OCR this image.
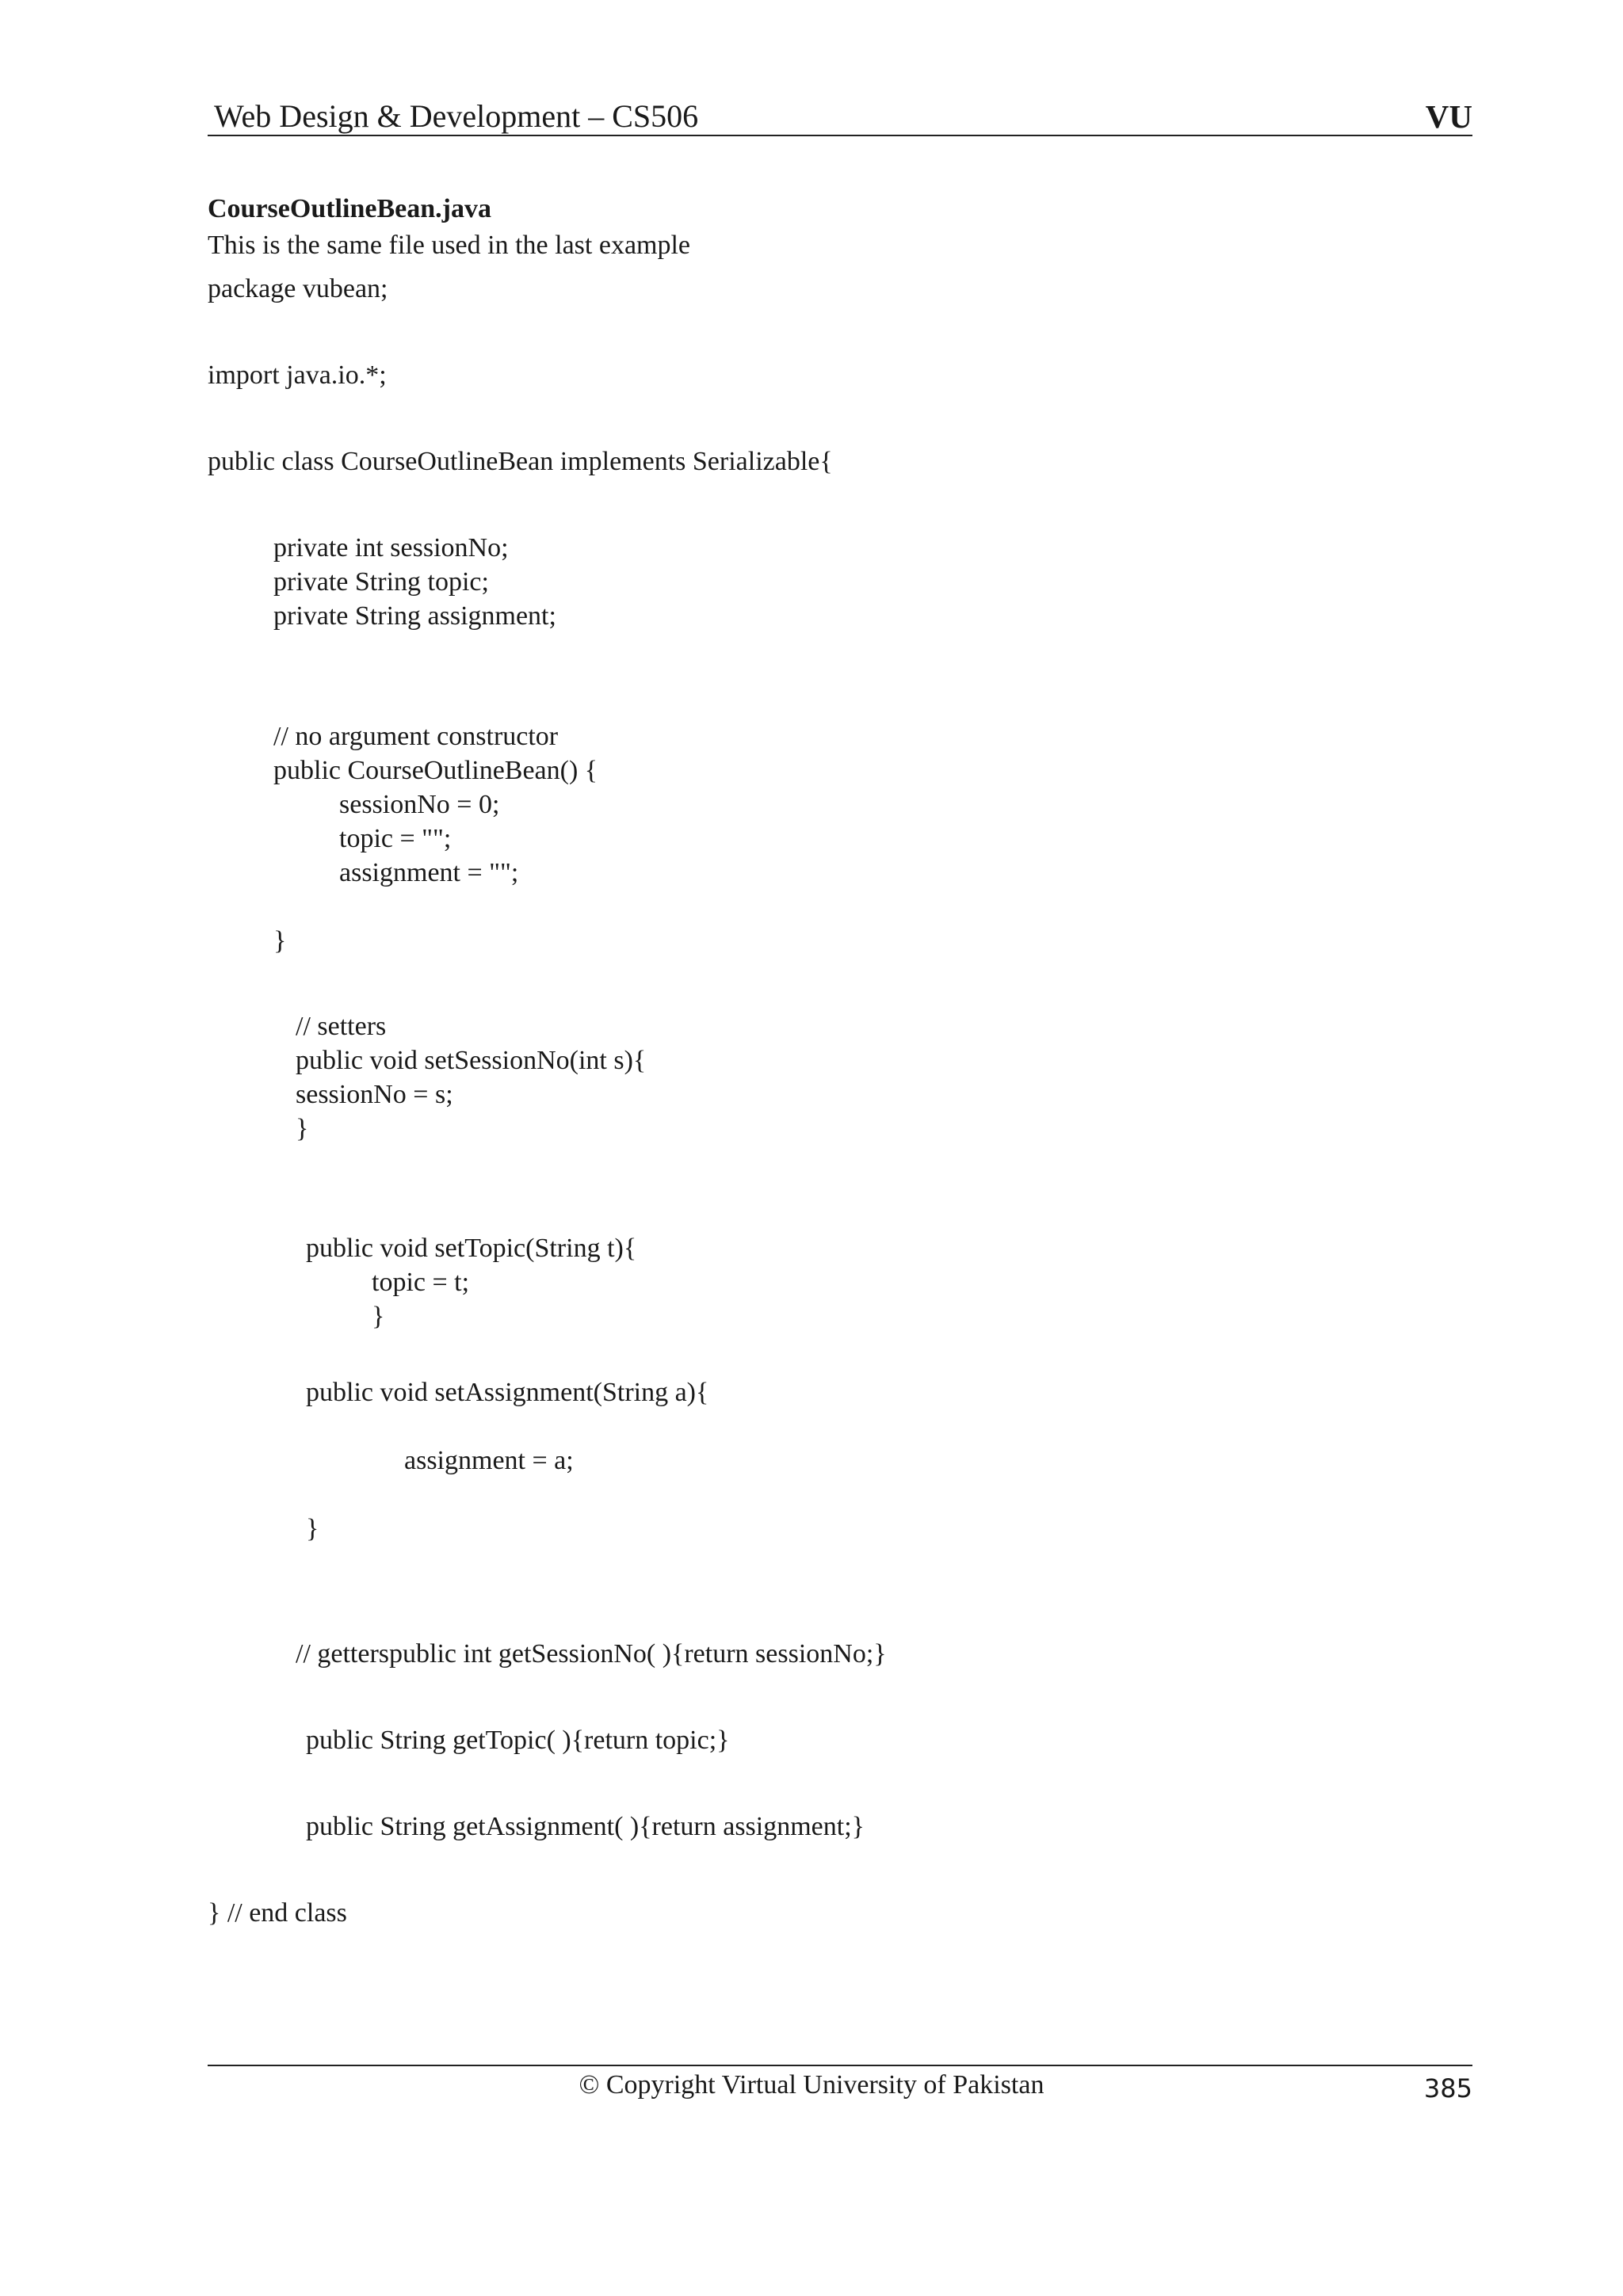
Web Design & Development – CS506	VU
CourseOutlineBean.java
This is the same file used in the last example
package vubean;
import java.io.*;
public class CourseOutlineBean implements Serializable{
private int sessionNo;
private String topic;
private String assignment;
// no argument constructor
public CourseOutlineBean() {
sessionNo = 0;
topic = "";
assignment = "";
}
// setters
public void setSessionNo(int s){
sessionNo = s;
}
public void setTopic(String t){
topic = t;
}
public void setAssignment(String a){
assignment = a;
}
// getterspublic int getSessionNo( ){return sessionNo;}
public String getTopic( ){return topic;}
public String getAssignment( ){return assignment;}
} // end class
© Copyright Virtual University of Pakistan	385
